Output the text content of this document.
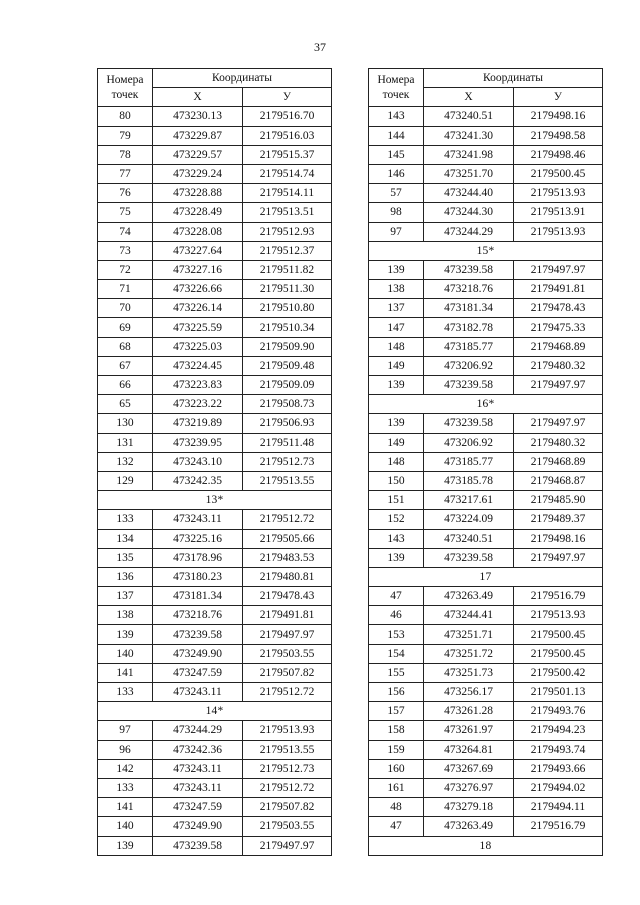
37
Номера
точек	Координаты	
	X	У
80	473230.13	2179516.70
79	473229.87	2179516.03
78	473229.57	2179515.37
77	473229.24	2179514.74
76	473228.88	2179514.11
75	473228.49	2179513.51
74	473228.08	2179512.93
73	473227.64	2179512.37
72	473227.16	2179511.82
71	473226.66	2179511.30
70	473226.14	2179510.80
69	473225.59	2179510.34
68	473225.03	2179509.90
67	473224.45	2179509.48
66	473223.83	2179509.09
65	473223.22	2179508.73
130	473219.89	2179506.93
131	473239.95	2179511.48
132	473243.10	2179512.73
129	473242.35	2179513.55
13*		
133	473243.11	2179512.72
134	473225.16	2179505.66
135	473178.96	2179483.53
136	473180.23	2179480.81
137	473181.34	2179478.43
138	473218.76	2179491.81
139	473239.58	2179497.97
140	473249.90	2179503.55
141	473247.59	2179507.82
133	473243.11	2179512.72
14*		
97	473244.29	2179513.93
96	473242.36	2179513.55
142	473243.11	2179512.73
133	473243.11	2179512.72
141	473247.59	2179507.82
140	473249.90	2179503.55
139	473239.58	2179497.97
Номера
точек	Координаты	
	X	У
143	473240.51	2179498.16
144	473241.30	2179498.58
145	473241.98	2179498.46
146	473251.70	2179500.45
57	473244.40	2179513.93
98	473244.30	2179513.91
97	473244.29	2179513.93
15*		
139	473239.58	2179497.97
138	473218.76	2179491.81
137	473181.34	2179478.43
147	473182.78	2179475.33
148	473185.77	2179468.89
149	473206.92	2179480.32
139	473239.58	2179497.97
16*		
139	473239.58	2179497.97
149	473206.92	2179480.32
148	473185.77	2179468.89
150	473185.78	2179468.87
151	473217.61	2179485.90
152	473224.09	2179489.37
143	473240.51	2179498.16
139	473239.58	2179497.97
17		
47	473263.49	2179516.79
46	473244.41	2179513.93
153	473251.71	2179500.45
154	473251.72	2179500.45
155	473251.73	2179500.42
156	473256.17	2179501.13
157	473261.28	2179493.76
158	473261.97	2179494.23
159	473264.81	2179493.74
160	473267.69	2179493.66
161	473276.97	2179494.02
48	473279.18	2179494.11
47	473263.49	2179516.79
18		
